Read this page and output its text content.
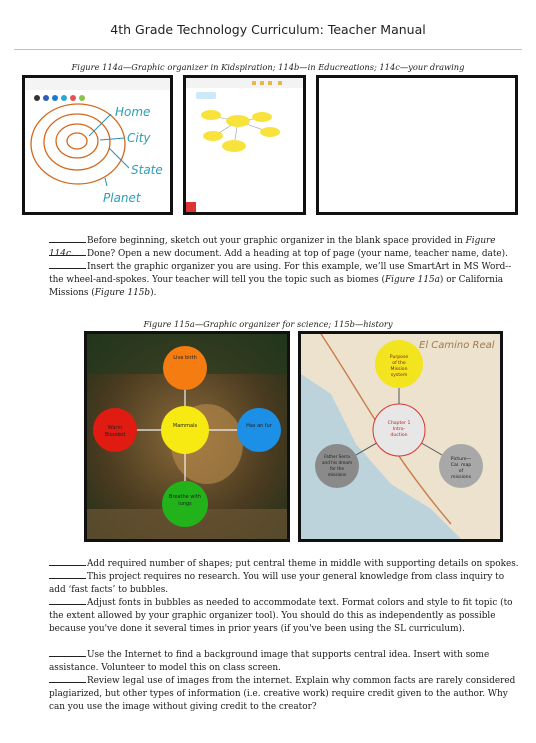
4th Grade Technology Curriculum: Teacher Manual
Figure 114a—Graphic organizer in Kidspiration; 114b—in Educreations; 114c—your drawing
Home
City
State
Planet
Before beginning, sketch out your graphic organizer in the blank space provided in Figure 114c.	Done? Open a new document. Add a heading at top of page (your name, teacher name, date).
Insert the graphic organizer you are using. For this example, we’ll use SmartArt in MS Word--the wheel-and-spokes. Your teacher will tell you the topic such as biomes (Figure 115a) or California Missions (Figure 115b).
Figure 115a—Graphic organizer for science; 115b—history
Live birth
Mammals	Has an fur
Warm
Blooded
Breathe with
lungs
El Camino Real
Purpose
of the
Mission
system
Chapter 1
Intro-
duction
Father Serra
and his dream
for the
missions
Picture—
Cal. map
of
missions
Add required number of shapes; put central theme in middle with supporting details on spokes.
This project requires no research. You will use your general knowledge from class inquiry to add ‘fast facts’ to bubbles.
Adjust fonts in bubbles as needed to accommodate text. Format colors and style to fit topic (to the extent allowed by your graphic organizer tool). You should do this as independently as possible because you've done it several times in prior years (if you've been using the SL curriculum).
Use the Internet to find a background image that supports central idea. Insert with some assistance. Volunteer to model this on class screen.
Review legal use of images from the internet. Explain why common facts are rarely considered plagiarized, but other types of information (i.e. creative work) require credit given to the author. Why can you use the image without giving credit to the creator?
